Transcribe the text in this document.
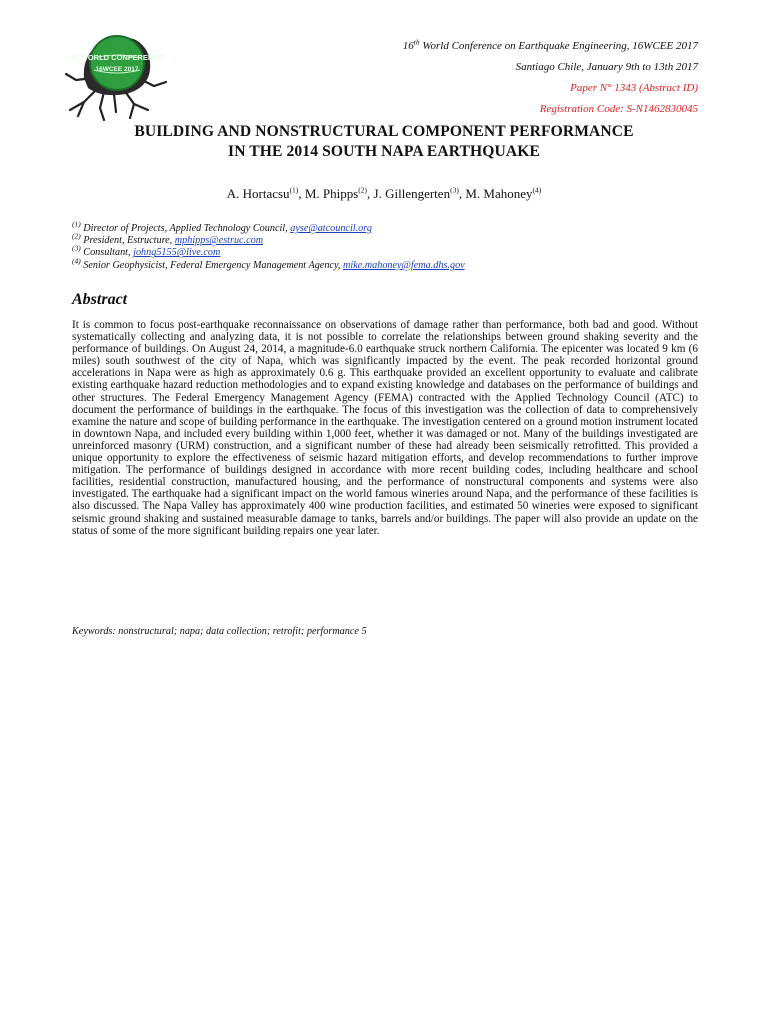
16 WORLD CONFERENCE
16WCEE 2017
16th World Conference on Earthquake Engineering, 16WCEE 2017
Santiago Chile, January 9th to 13th 2017
Paper N° 1343 (Abstract ID)
Registration Code: S-N1462830045
BUILDING AND NONSTRUCTURAL COMPONENT PERFORMANCE
IN THE 2014 SOUTH NAPA EARTHQUAKE
A. Hortacsu$^{(1)}$, M. Phipps$^{(2)}$, J. Gillengerten$^{(3)}$, M. Mahoney$^{(4)}$
$^{(1)}$ Director of Projects, Applied Technology Council, ayse@atcouncil.org
$^{(2)}$ President, Estructure, mphipps@estruc.com
$^{(3)}$ Consultant, johng5155@live.com
$^{(4)}$ Senior Geophysicist, Federal Emergency Management Agency, mike.mahoney@fema.dhs.gov
Abstract

It is common to focus post-earthquake reconnaissance on observations of damage rather than performance, both bad and good. Without systematically collecting and analyzing data, it is not possible to correlate the relationships between ground shaking severity and the performance of buildings. On August 24, 2014, a magnitude-6.0 earthquake struck northern California. The epicenter was located 9 km (6 miles) south southwest of the city of Napa, which was significantly impacted by the event. The peak recorded horizontal ground accelerations in Napa were as high as approximately 0.6 g. This earthquake provided an excellent opportunity to evaluate and calibrate existing earthquake hazard reduction methodologies and to expand existing knowledge and databases on the performance of buildings and other structures. The Federal Emergency Management Agency (FEMA) contracted with the Applied Technology Council (ATC) to document the performance of buildings in the earthquake. The focus of this investigation was the collection of data to comprehensively examine the nature and scope of building performance in the earthquake. The investigation centered on a ground motion instrument located in downtown Napa, and included every building within 1,000 feet, whether it was damaged or not. Many of the buildings investigated are unreinforced masonry (URM) construction, and a significant number of these had already been seismically retrofitted. This provided a unique opportunity to explore the effectiveness of seismic hazard mitigation efforts, and develop recommendations to further improve mitigation. The performance of buildings designed in accordance with more recent building codes, including healthcare and school facilities, residential construction, manufactured housing, and the performance of nonstructural components and systems were also investigated. The earthquake had a significant impact on the world famous wineries around Napa, and the performance of these facilities is also discussed. The Napa Valley has approximately 400 wine production facilities, and estimated 50 wineries were exposed to significant seismic ground shaking and sustained measurable damage to tanks, barrels and/or buildings. The paper will also provide an update on the status of some of the more significant building repairs one year later.

Keywords: nonstructural; napa; data collection; retrofit; performance 5
